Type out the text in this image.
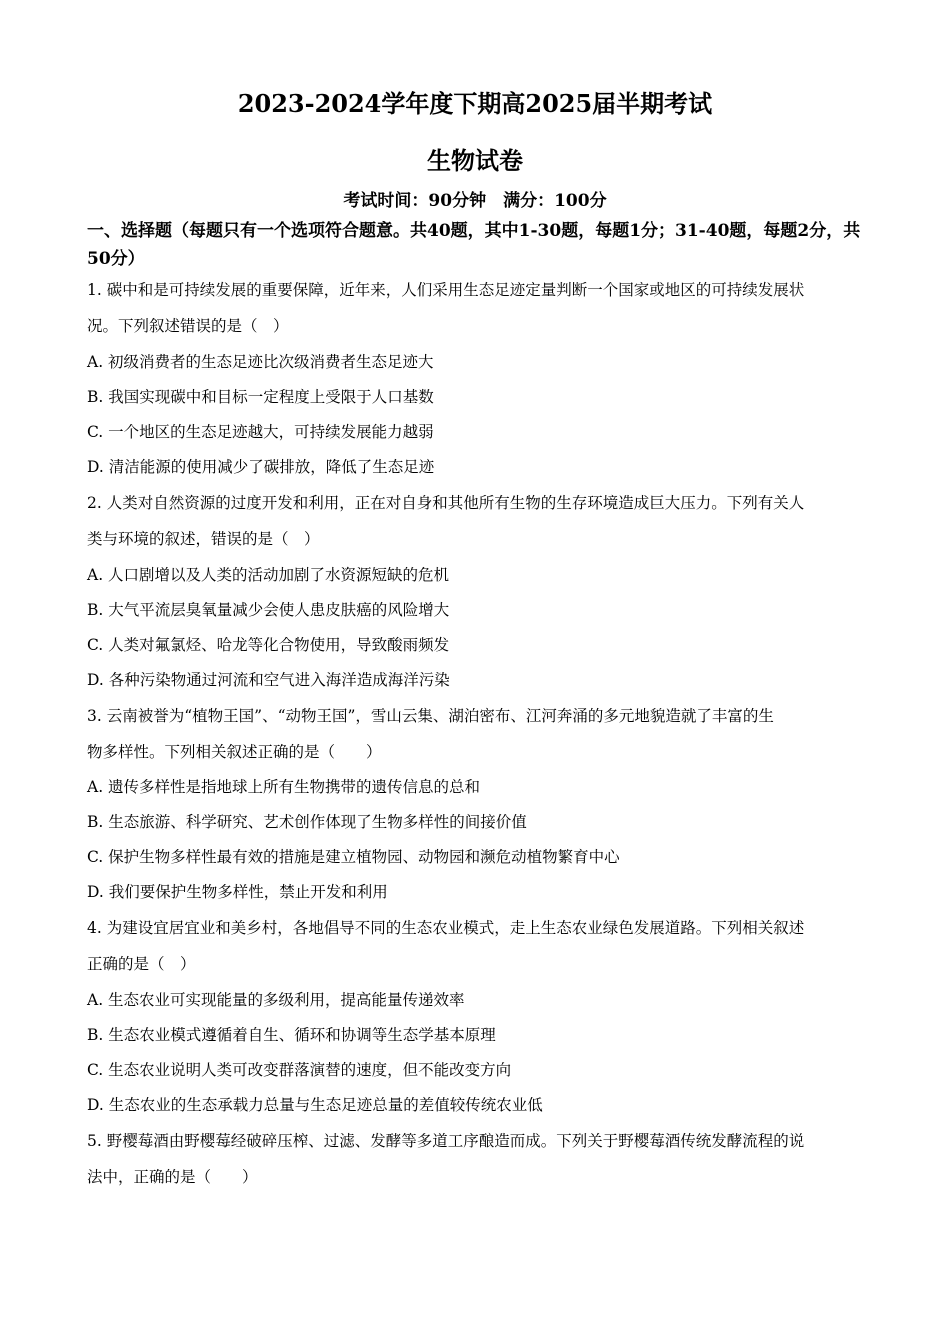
2023-2024学年度下期高2025届半期考试
生物试卷
考试时间：90分钟　满分：100分
一、选择题（每题只有一个选项符合题意。共40题，其中1-30题，每题1分；31-40题，每题2分，共50分）
1. 碳中和是可持续发展的重要保障，近年来，人们采用生态足迹定量判断一个国家或地区的可持续发展状
况。下列叙述错误的是（　）
A. 初级消费者的生态足迹比次级消费者生态足迹大
B. 我国实现碳中和目标一定程度上受限于人口基数
C. 一个地区的生态足迹越大，可持续发展能力越弱
D. 清洁能源的使用减少了碳排放，降低了生态足迹
2. 人类对自然资源的过度开发和利用，正在对自身和其他所有生物的生存环境造成巨大压力。下列有关人
类与环境的叙述，错误的是（　）
A. 人口剧增以及人类的活动加剧了水资源短缺的危机
B. 大气平流层臭氧量减少会使人患皮肤癌的风险增大
C. 人类对氟氯烃、哈龙等化合物使用，导致酸雨频发
D. 各种污染物通过河流和空气进入海洋造成海洋污染
3. 云南被誉为“植物王国”、“动物王国”，雪山云集、湖泊密布、江河奔涌的多元地貌造就了丰富的生
物多样性。下列相关叙述正确的是（　　）
A. 遗传多样性是指地球上所有生物携带的遗传信息的总和
B. 生态旅游、科学研究、艺术创作体现了生物多样性的间接价值
C. 保护生物多样性最有效的措施是建立植物园、动物园和濒危动植物繁育中心
D. 我们要保护生物多样性，禁止开发和利用
4. 为建设宜居宜业和美乡村，各地倡导不同的生态农业模式，走上生态农业绿色发展道路。下列相关叙述
正确的是（　）
A. 生态农业可实现能量的多级利用，提高能量传递效率
B. 生态农业模式遵循着自生、循环和协调等生态学基本原理
C. 生态农业说明人类可改变群落演替的速度，但不能改变方向
D. 生态农业的生态承载力总量与生态足迹总量的差值较传统农业低
5. 野樱莓酒由野樱莓经破碎压榨、过滤、发酵等多道工序酿造而成。下列关于野樱莓酒传统发酵流程的说
法中，正确的是（　　）
